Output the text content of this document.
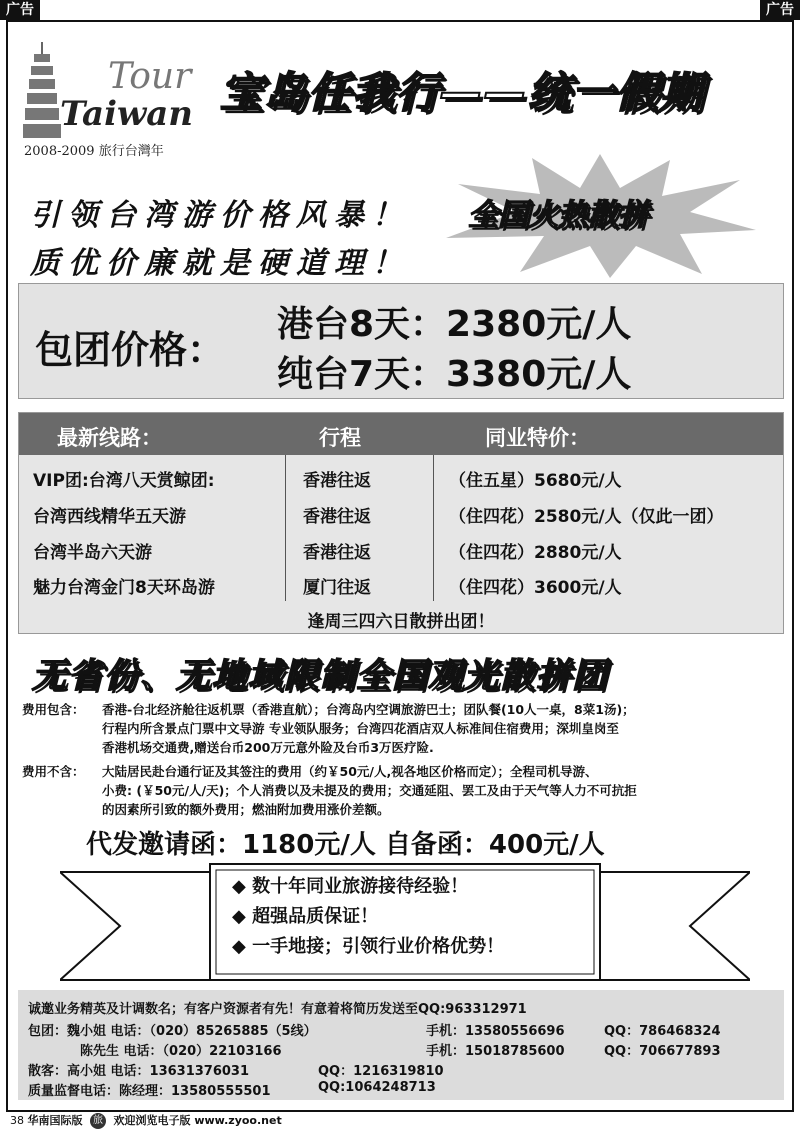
广告	广告
Tour
Taiwan
2008-2009 旅行台灣年
宝岛任我行——统一假期
引领台湾游价格风暴！
质优价廉就是硬道理！
全国火热散拼
包团价格：
港台8天：2380元/人
纯台7天：3380元/人
最新线路：	行程	同业特价：
VIP团:台湾八天赏鲸团:	香港往返	（住五星）5680元/人
台湾西线精华五天游	香港往返	（住四花）2580元/人（仅此一团）
台湾半岛六天游	香港往返	（住四花）2880元/人
魅力台湾金门8天环岛游	厦门往返	（住四花）3600元/人
逢周三四六日散拼出团！
无省份、无地域限制全国观光散拼团
费用包含： 香港-台北经济舱往返机票（香港直航）；台湾岛内空调旅游巴士；团队餐(10人一桌，8菜1汤)；
行程内所含景点门票中文导游 专业领队服务；台湾四花酒店双人标准间住宿费用；深圳皇岗至
香港机场交通费,赠送台币200万元意外险及台币3万医疗险.
费用不含： 大陆居民赴台通行证及其签注的费用（约￥50元/人,视各地区价格而定）；全程司机导游、
小费: (￥50元/人/天)；个人消费以及未提及的费用；交通延阻、罢工及由于天气等人力不可抗拒
的因素所引致的额外费用；燃油附加费用涨价差额。
代发邀请函：1180元/人 自备函：400元/人
◆ 数十年同业旅游接待经验！
◆ 超强品质保证！
◆ 一手地接；引领行业价格优势！
诚邀业务精英及计调数名；有客户资源者有先！有意着将简历发送至QQ:963312971
包团：魏小姐 电话：（020）85265885（5线）	手机：13580556696	QQ：786468324
陈先生 电话：（020）22103166	手机：15018785600	QQ：706677893
散客：高小姐 电话：13631376031	QQ：1216319810
质量监督电话：陈经理：13580555501	QQ:1064248713
38 华南国际版 旅 欢迎浏览电子版 www.zyoo.net
